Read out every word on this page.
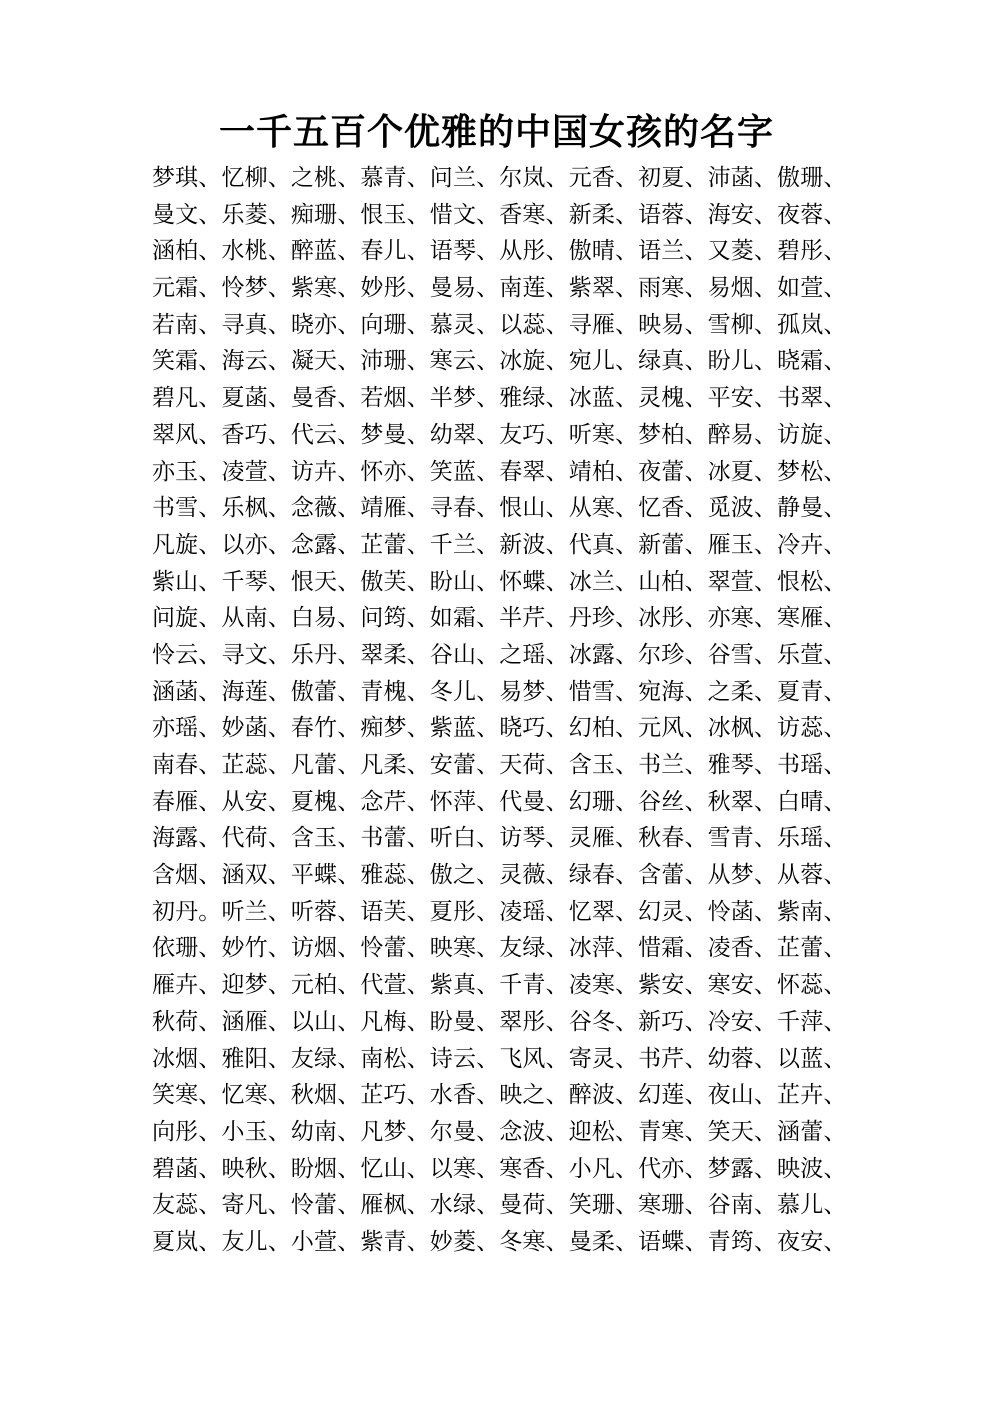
一千五百个优雅的中国女孩的名字
梦琪、忆柳、之桃、慕青、问兰、尔岚、元香、初夏、沛菡、傲珊、
曼文、乐菱、痴珊、恨玉、惜文、香寒、新柔、语蓉、海安、夜蓉、
涵柏、水桃、醉蓝、春儿、语琴、从彤、傲晴、语兰、又菱、碧彤、
元霜、怜梦、紫寒、妙彤、曼易、南莲、紫翠、雨寒、易烟、如萱、
若南、寻真、晓亦、向珊、慕灵、以蕊、寻雁、映易、雪柳、孤岚、
笑霜、海云、凝天、沛珊、寒云、冰旋、宛儿、绿真、盼儿、晓霜、
碧凡、夏菡、曼香、若烟、半梦、雅绿、冰蓝、灵槐、平安、书翠、
翠风、香巧、代云、梦曼、幼翠、友巧、听寒、梦柏、醉易、访旋、
亦玉、凌萱、访卉、怀亦、笑蓝、春翠、靖柏、夜蕾、冰夏、梦松、
书雪、乐枫、念薇、靖雁、寻春、恨山、从寒、忆香、觅波、静曼、
凡旋、以亦、念露、芷蕾、千兰、新波、代真、新蕾、雁玉、冷卉、
紫山、千琴、恨天、傲芙、盼山、怀蝶、冰兰、山柏、翠萱、恨松、
问旋、从南、白易、问筠、如霜、半芹、丹珍、冰彤、亦寒、寒雁、
怜云、寻文、乐丹、翠柔、谷山、之瑶、冰露、尔珍、谷雪、乐萱、
涵菡、海莲、傲蕾、青槐、冬儿、易梦、惜雪、宛海、之柔、夏青、
亦瑶、妙菡、春竹、痴梦、紫蓝、晓巧、幻柏、元风、冰枫、访蕊、
南春、芷蕊、凡蕾、凡柔、安蕾、天荷、含玉、书兰、雅琴、书瑶、
春雁、从安、夏槐、念芹、怀萍、代曼、幻珊、谷丝、秋翠、白晴、
海露、代荷、含玉、书蕾、听白、访琴、灵雁、秋春、雪青、乐瑶、
含烟、涵双、平蝶、雅蕊、傲之、灵薇、绿春、含蕾、从梦、从蓉、
初丹。听兰、听蓉、语芙、夏彤、凌瑶、忆翠、幻灵、怜菡、紫南、
依珊、妙竹、访烟、怜蕾、映寒、友绿、冰萍、惜霜、凌香、芷蕾、
雁卉、迎梦、元柏、代萱、紫真、千青、凌寒、紫安、寒安、怀蕊、
秋荷、涵雁、以山、凡梅、盼曼、翠彤、谷冬、新巧、冷安、千萍、
冰烟、雅阳、友绿、南松、诗云、飞风、寄灵、书芹、幼蓉、以蓝、
笑寒、忆寒、秋烟、芷巧、水香、映之、醉波、幻莲、夜山、芷卉、
向彤、小玉、幼南、凡梦、尔曼、念波、迎松、青寒、笑天、涵蕾、
碧菡、映秋、盼烟、忆山、以寒、寒香、小凡、代亦、梦露、映波、
友蕊、寄凡、怜蕾、雁枫、水绿、曼荷、笑珊、寒珊、谷南、慕儿、
夏岚、友儿、小萱、紫青、妙菱、冬寒、曼柔、语蝶、青筠、夜安、
